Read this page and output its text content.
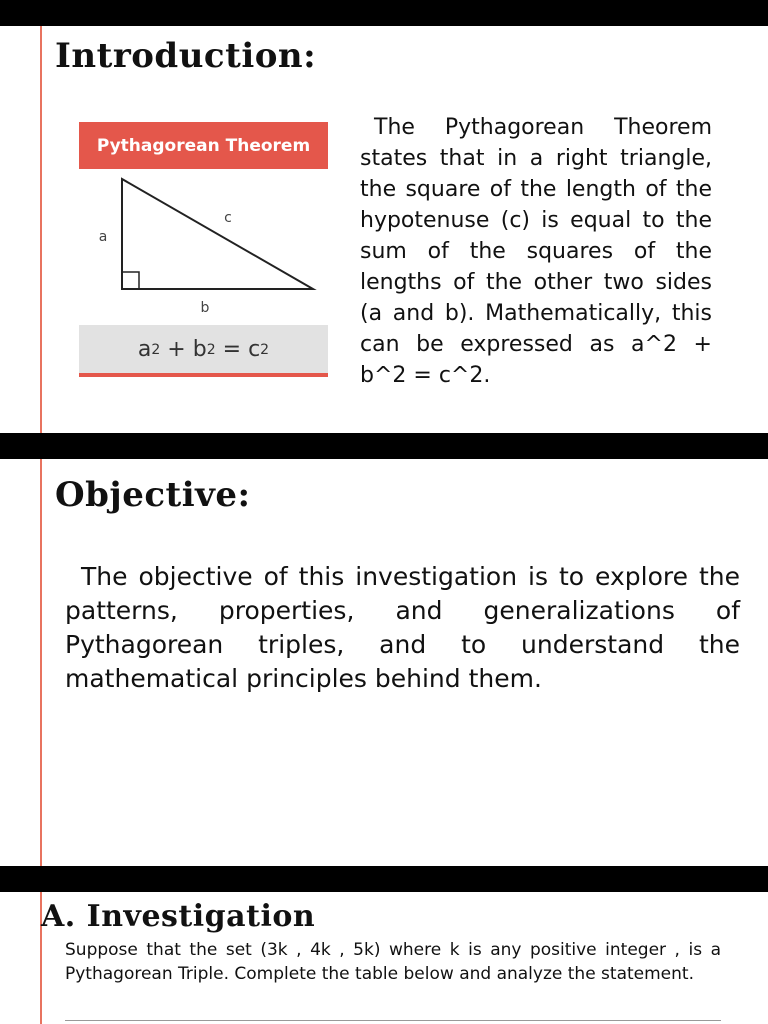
Introduction:
Pythagorean Theorem
a
b
c
a 2
+
b 2
=
c 2

The Pythagorean Theorem states that in a right triangle, the square of the length of the hypotenuse (c) is equal to the sum of the squares of the lengths of the other two sides (a and b). Mathematically, this can be expressed as a^2 + b^2 = c^2.

Objective:

The objective of this investigation is to explore the patterns, properties, and generalizations of Pythagorean triples, and to understand the mathematical principles behind them.

A. Investigation

Suppose that the set (3k , 4k , 5k) where k is any positive integer , is a Pythagorean Triple. Complete the table below and analyze the statement.
